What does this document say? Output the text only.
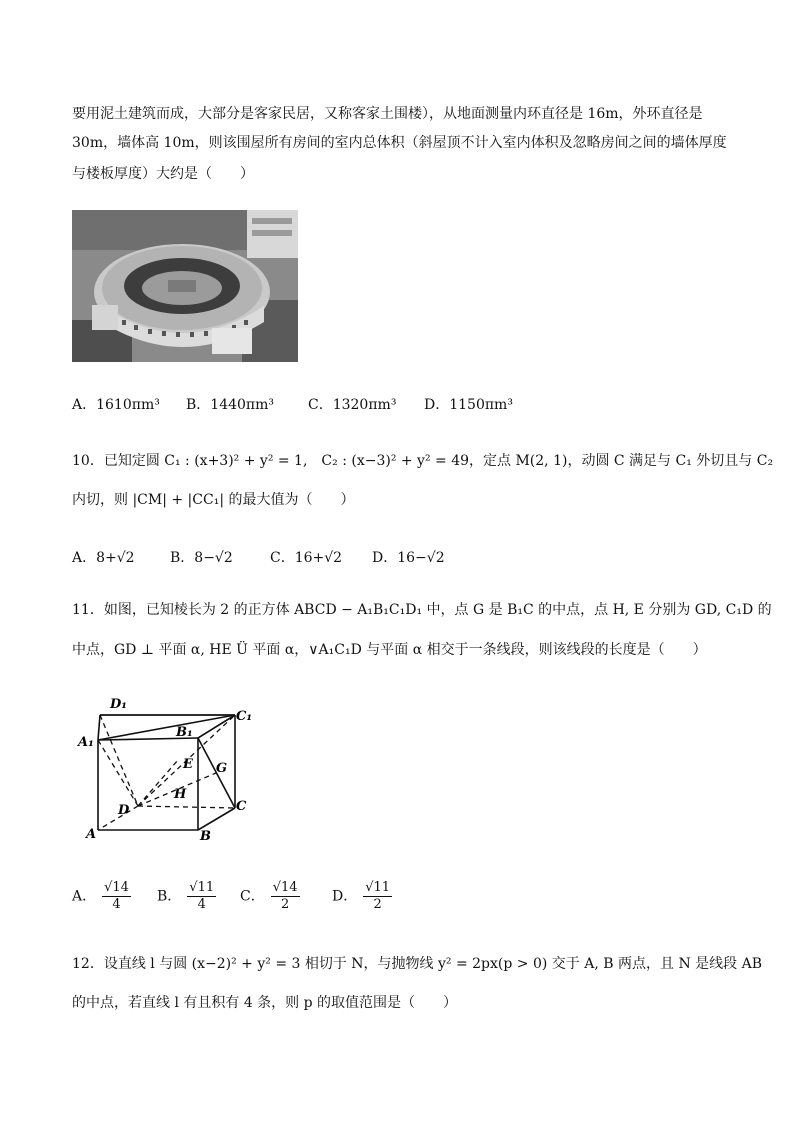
要用泥土建筑而成，大部分是客家民居，又称客家土围楼），从地面测量内环直径是 16m，外环直径是
30m，墙体高 10m，则该围屋所有房间的室内总体积（斜屋顶不计入室内体积及忽略房间之间的墙体厚度
与楼板厚度）大约是（　　）
A．1610πm³ B．1440πm³ C．1320πm³ D．1150πm³
10．已知定圆 C₁ : (x+3)² + y² = 1,　C₂ : (x−3)² + y² = 49，定点 M(2, 1)，动圆 C 满足与 C₁ 外切且与 C₂
内切，则 |CM| + |CC₁| 的最大值为（　　）
A．8+√2	B．8−√2	C．16+√2 D．16−√2
11．如图，已知棱长为 2 的正方体 ABCD − A₁B₁C₁D₁ 中，点 G 是 B₁C 的中点，点 H, E 分别为 GD, C₁D 的
中点，GD ⊥ 平面 α, HE Ü 平面 α，∨A₁C₁D 与平面 α 相交于一条线段，则该线段的长度是（　　）
D₁
C₁
A₁
B₁
E G
H
D	C
A	B
A． $\frac{√14}{4}$ B． $\frac{√11}{4}$ C． $\frac{√14}{2}$ D． $\frac{√11}{2}$
12．设直线 l 与圆 (x−2)² + y² = 3 相切于 N，与抛物线 y² = 2px(p > 0) 交于 A, B 两点，且 N 是线段 AB
的中点，若直线 l 有且积有 4 条，则 p 的取值范围是（　　）
